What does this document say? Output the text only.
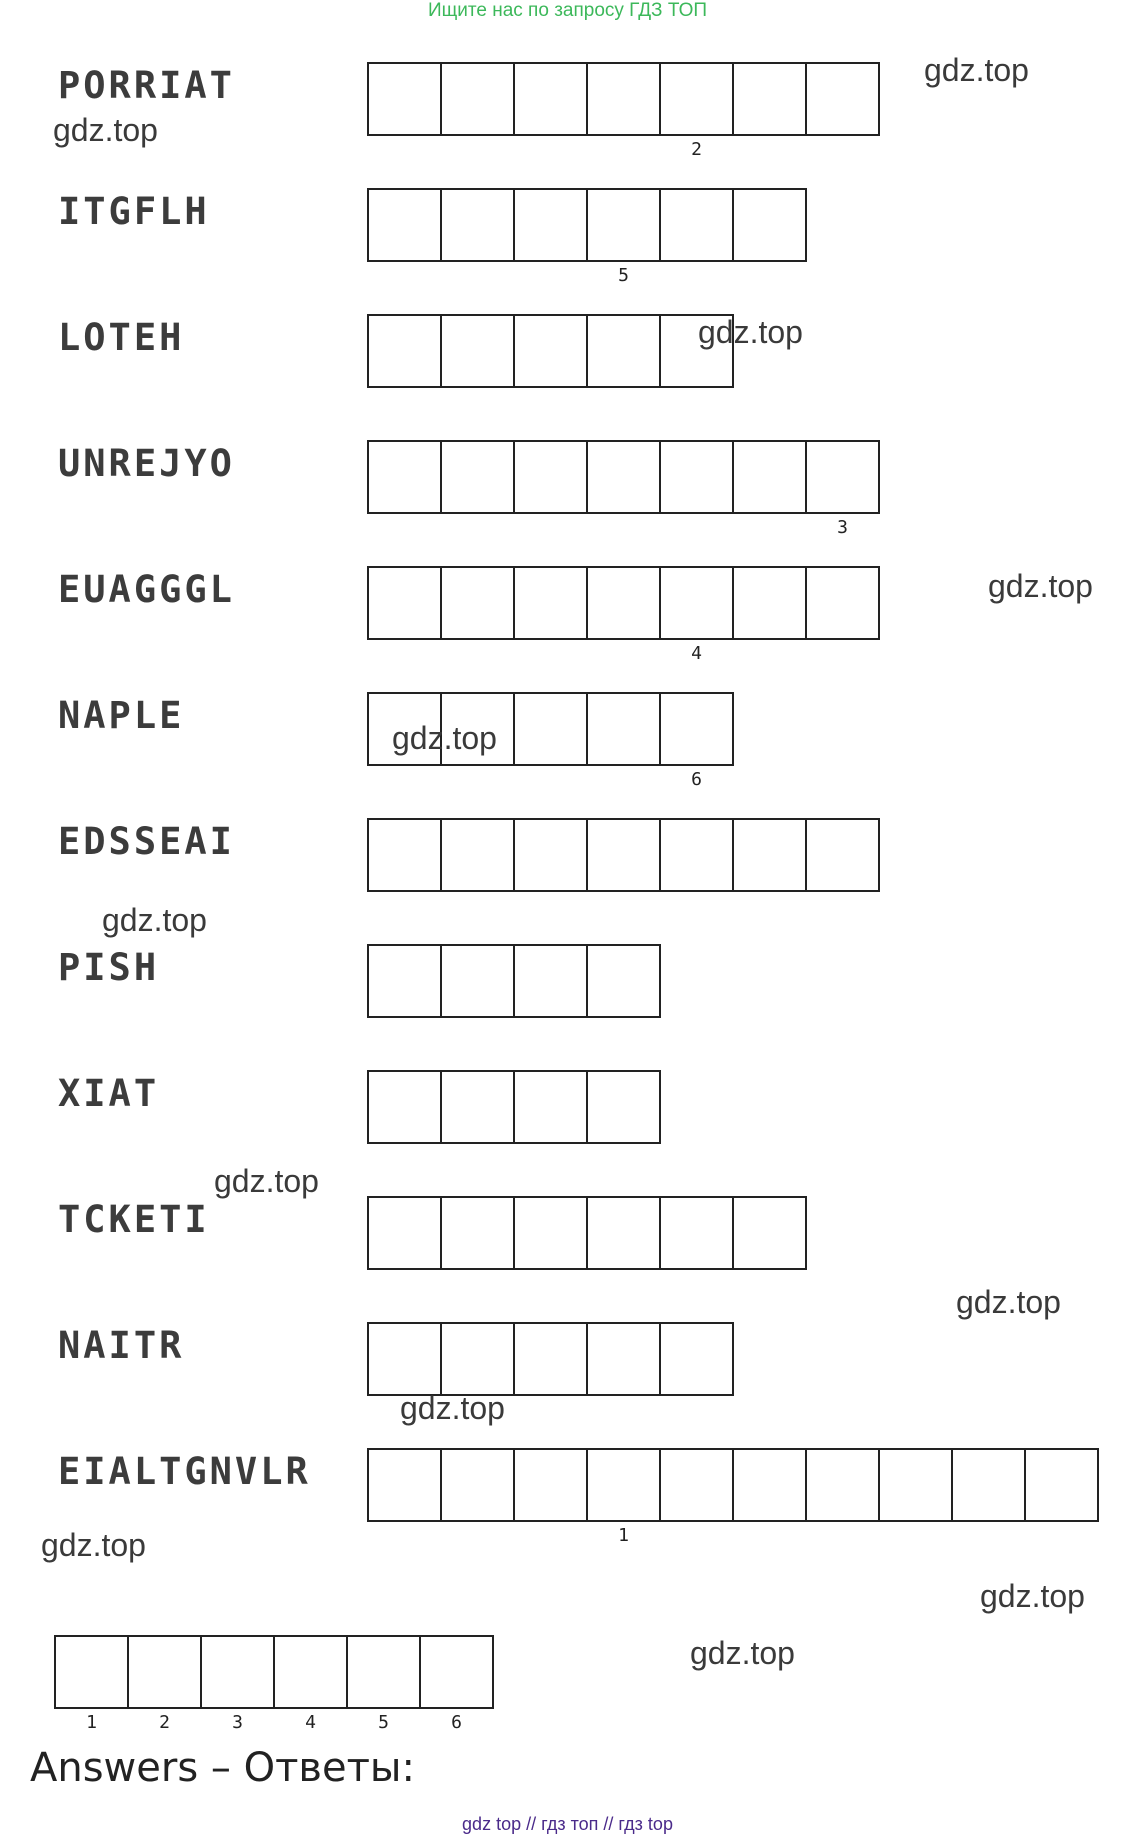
Ищите нас по запросу ГДЗ ТОП
PORRIAT
2
ITGFLH
5
LOTEH
UNREJYO
3
EUAGGGL
4
NAPLE
6
EDSSEAI
PISH
XIAT
TCKETI
NAITR
EIALTGNVLR
1
1	2	3	4	5	6
Answers – Ответы:
gdz.top
gdz.top
gdz.top
gdz.top
gdz.top
gdz.top
gdz.top
gdz.top
gdz.top
gdz.top
gdz.top
gdz.top
gdz top // гдз топ // гдз top
